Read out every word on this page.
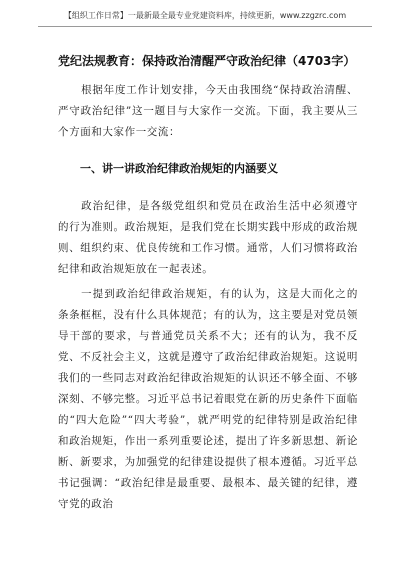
【组织工作日常】一最新最全最专业党建资料库，持续更新，www.zzgzrc.com
党纪法规教育：保持政治清醒严守政治纪律（4703字）

根据年度工作计划安排，今天由我围绕“保持政治清醒、严守政治纪律”这一题目与大家作一交流。下面，我主要从三个方面和大家作一交流：

一、讲一讲政治纪律政治规矩的内涵要义

政治纪律，是各级党组织和党员在政治生活中必须遵守的行为准则。政治规矩，是我们党在长期实践中形成的政治规则、组织约束、优良传统和工作习惯。通常，人们习惯将政治纪律和政治规矩放在一起表述。

一提到政治纪律政治规矩，有的认为，这是大而化之的条条框框，没有什么具体规范；有的认为，这主要是对党员领导干部的要求，与普通党员关系不大；还有的认为，我不反党、不反社会主义，这就是遵守了政治纪律政治规矩。这说明我们的一些同志对政治纪律政治规矩的认识还不够全面、不够深刻、不够完整。习近平总书记着眼党在新的历史条件下面临的“四大危险”“四大考验”，就严明党的纪律特别是政治纪律和政治规矩，作出一系列重要论述，提出了许多新思想、新论断、新要求，为加强党的纪律建设提供了根本遵循。习近平总书记强调：“政治纪律是最重要、最根本、最关键的纪律，遵守党的政治
